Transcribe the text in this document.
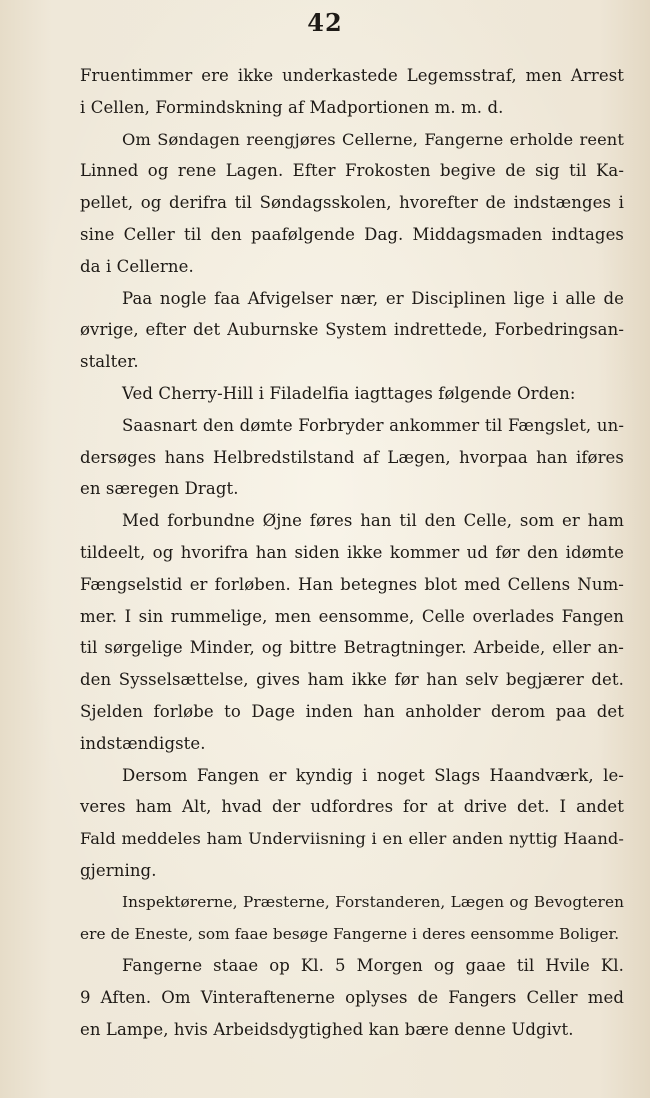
42
Fruentimmer ere ikke underkastede Legemsstraf, men Arrest
i Cellen, Formindskning af Madportionen m. m. d.
Om Søndagen reengjøres Cellerne, Fangerne erholde reent
Linned og rene Lagen. Efter Frokosten begive de sig til Ka-
pellet, og derifra til Søndagsskolen, hvorefter de indstænges i
sine Celler til den paafølgende Dag. Middagsmaden indtages
da i Cellerne.
Paa nogle faa Afvigelser nær, er Disciplinen lige i alle de
øvrige, efter det Auburnske System indrettede, Forbedringsan-
stalter.
Ved Cherry-Hill i Filadelfia iagttages følgende Orden:
Saasnart den dømte Forbryder ankommer til Fængslet, un-
dersøges hans Helbredstilstand af Lægen, hvorpaa han iføres
en særegen Dragt.
Med forbundne Øjne føres han til den Celle, som er ham
tildeelt, og hvorifra han siden ikke kommer ud før den idømte
Fængselstid er forløben. Han betegnes blot med Cellens Num-
mer. I sin rummelige, men eensomme, Celle overlades Fangen
til sørgelige Minder, og bittre Betragtninger. Arbeide, eller an-
den Sysselsættelse, gives ham ikke før han selv begjærer det.
Sjelden forløbe to Dage inden han anholder derom paa det
indstændigste.
Dersom Fangen er kyndig i noget Slags Haandværk, le-
veres ham Alt, hvad der udfordres for at drive det. I andet
Fald meddeles ham Underviisning i en eller anden nyttig Haand-
gjerning.
Inspektørerne, Præsterne, Forstanderen, Lægen og Bevogteren
ere de Eneste, som faae besøge Fangerne i deres eensomme Boliger.
Fangerne staae op Kl. 5 Morgen og gaae til Hvile Kl.
9 Aften. Om Vinteraftenerne oplyses de Fangers Celler med
en Lampe, hvis Arbeidsdygtighed kan bære denne Udgivt.
